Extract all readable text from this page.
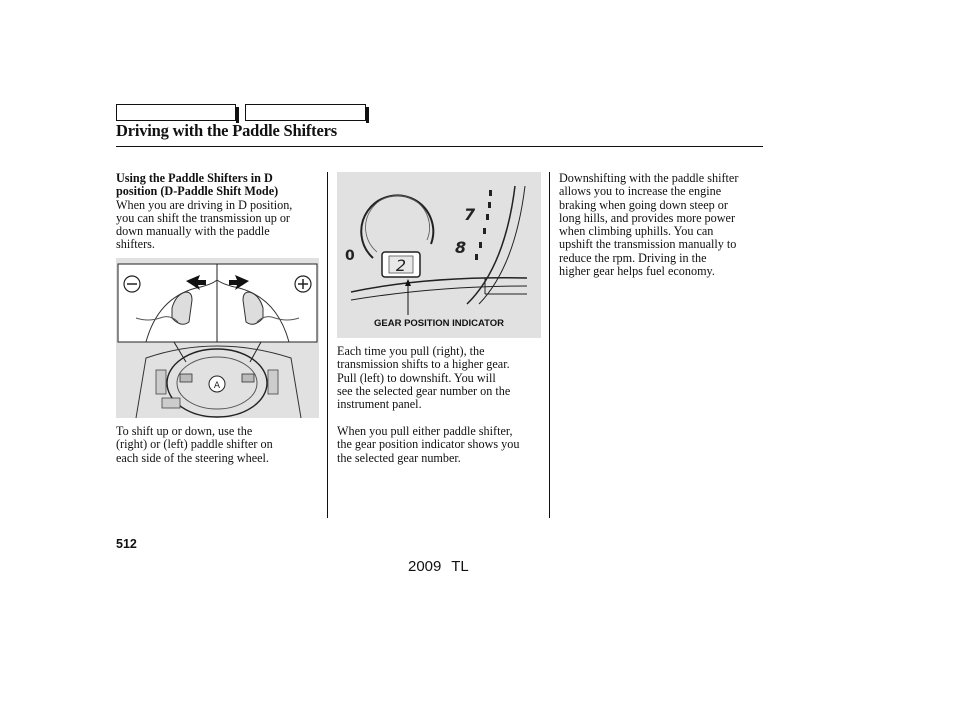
Driving with the Paddle Shifters

Using the Paddle Shifters in D

position (D-Paddle Shift Mode)

When you are driving in D position,

you can shift the transmission up or

down manually with the paddle

shifters.

A

To shift up or down, use the

(right) or (left) paddle shifter on

each side of the steering wheel.

7
8
0	2
GEAR POSITION INDICATOR

Each time you pull (right), the

transmission shifts to a higher gear.

Pull (left) to downshift. You will

see the selected gear number on the

instrument panel.

When you pull either paddle shifter,

the gear position indicator shows you

the selected gear number.

Downshifting with the paddle shifter

allows you to increase the engine

braking when going down steep or

long hills, and provides more power

when climbing uphills. You can

upshift the transmission manually to

reduce the rpm. Driving in the

higher gear helps fuel economy.

512
2009 TL
